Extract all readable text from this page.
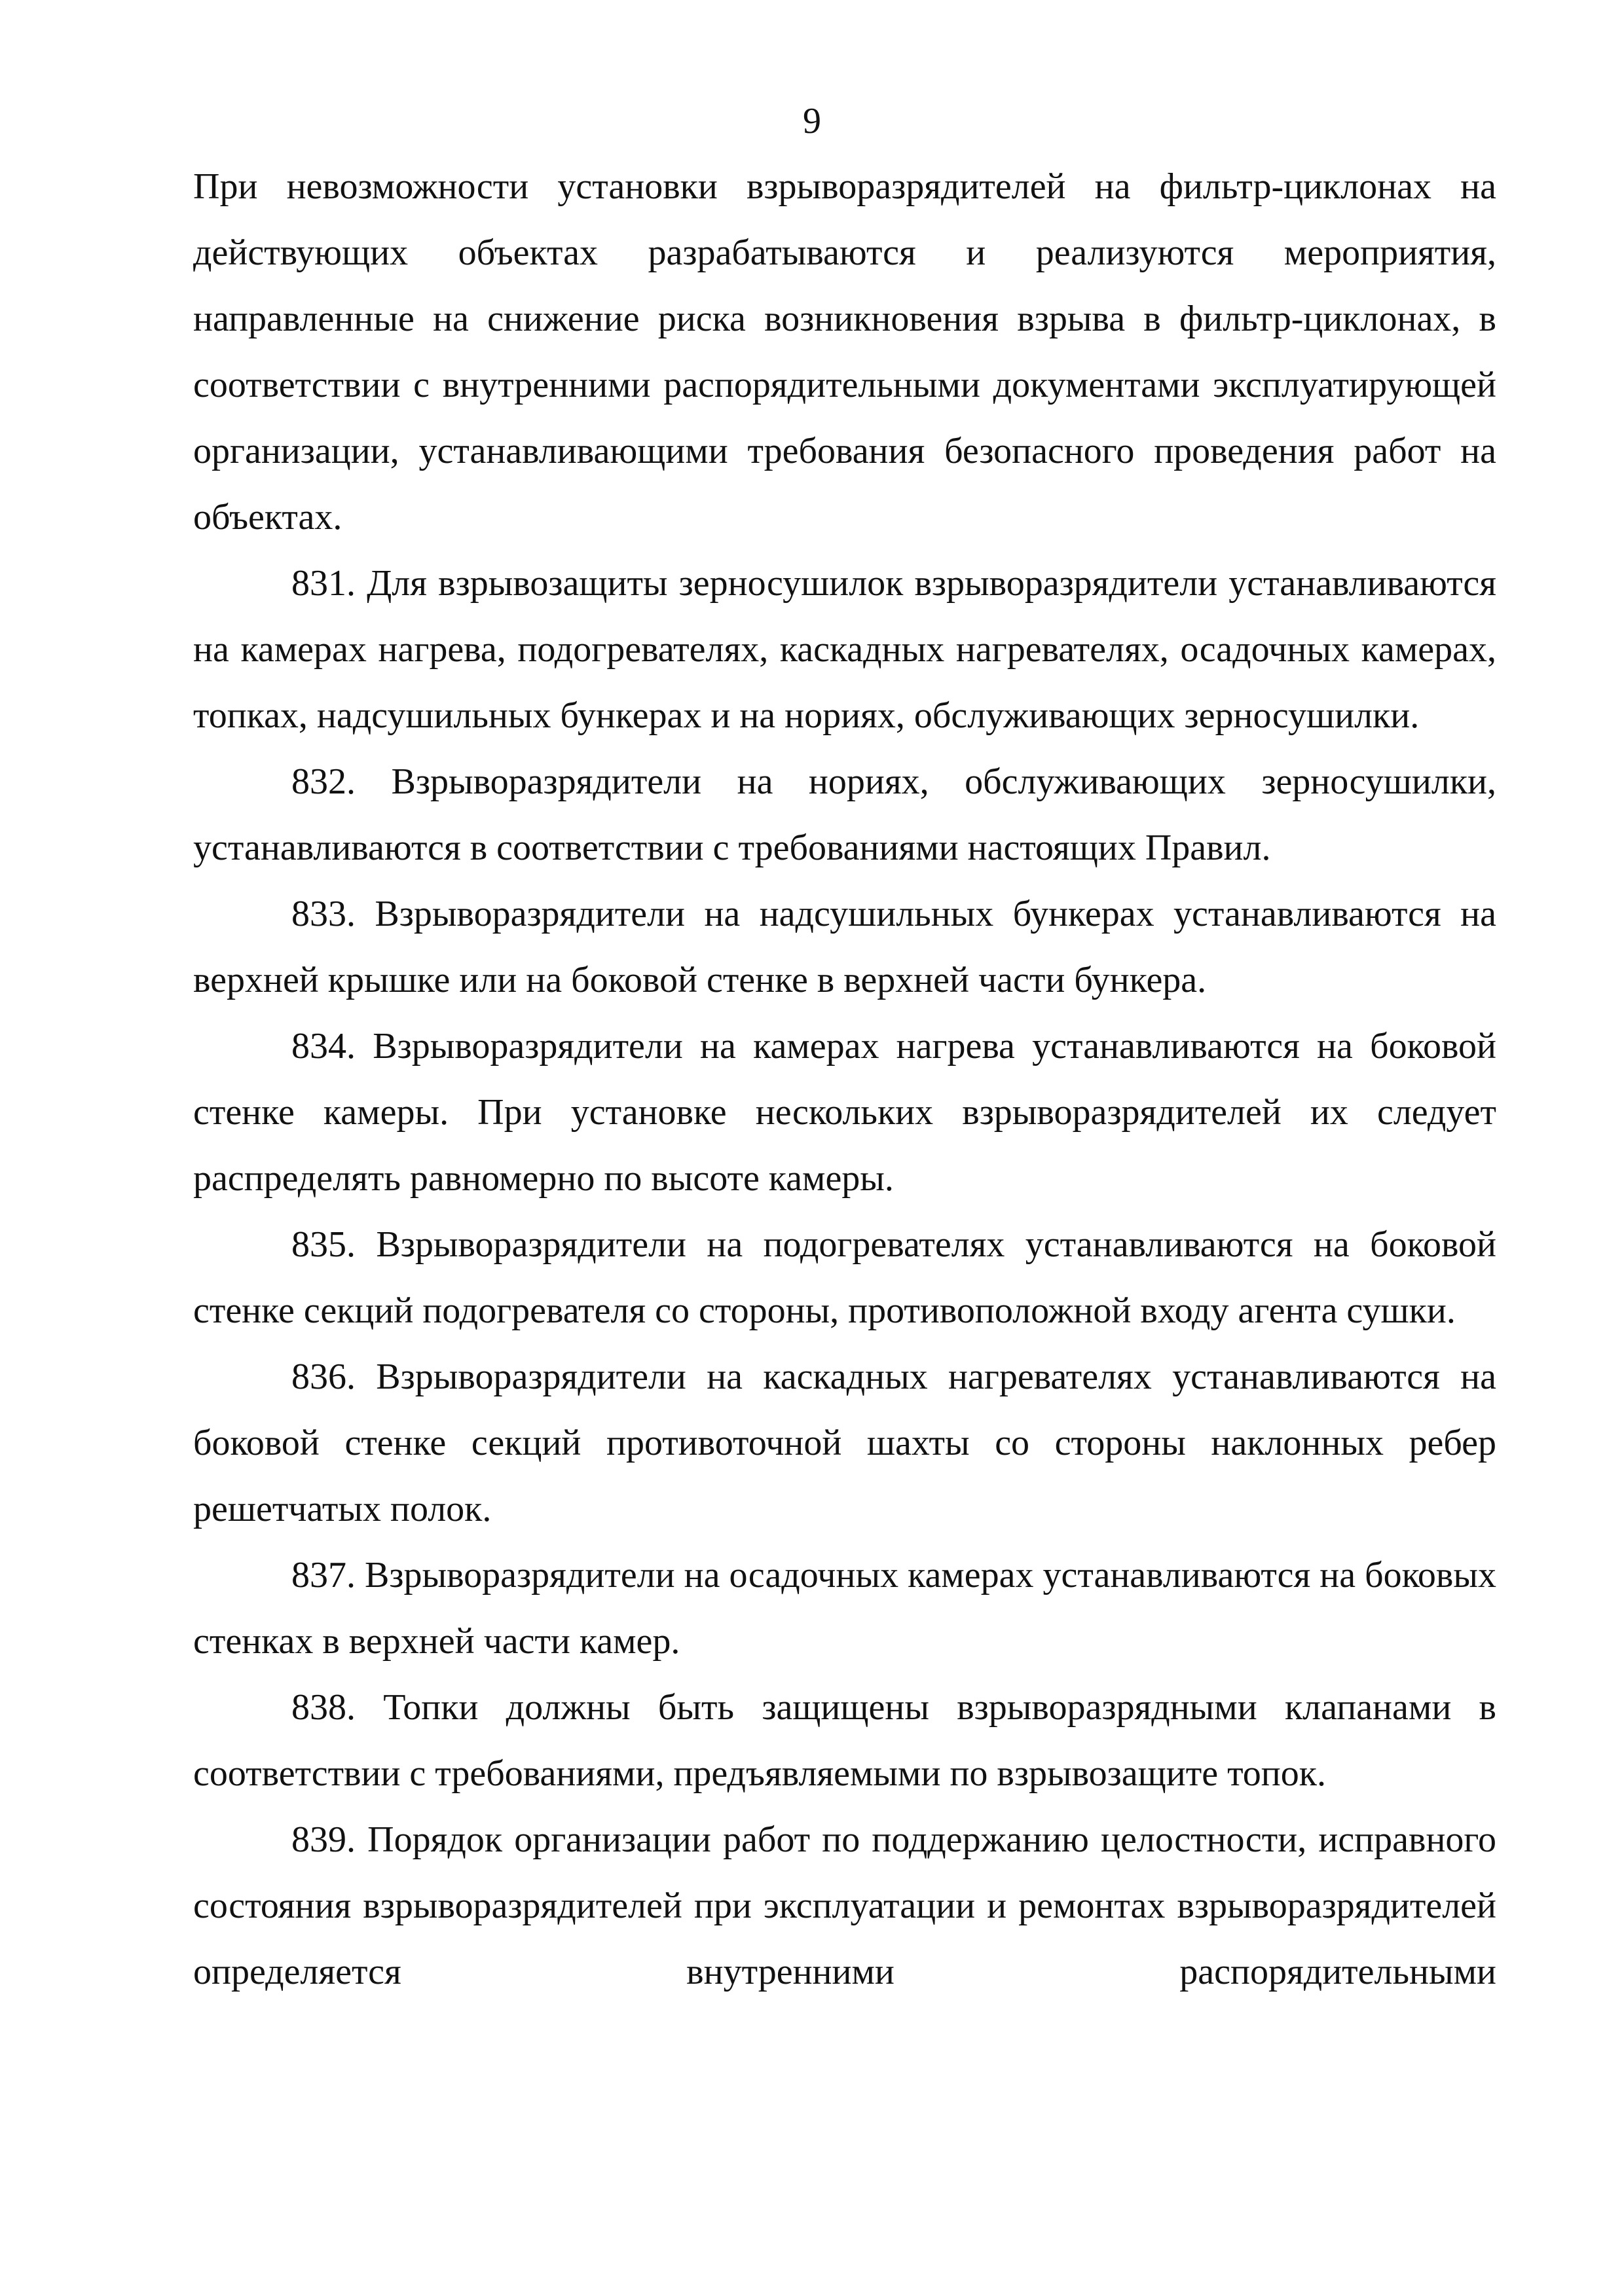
9

При невозможности установки взрыворазрядителей на фильтр-циклонах на действующих объектах разрабатываются и реализуются мероприятия, направленные на снижение риска возникновения взрыва в фильтр-циклонах, в соответствии с внутренними распорядительными документами эксплуатирующей организации, устанавливающими требования безопасного проведения работ на объектах.

831. Для взрывозащиты зерносушилок взрыворазрядители устанавливаются на камерах нагрева, подогревателях, каскадных нагревателях, осадочных камерах, топках, надсушильных бункерах и на нориях, обслуживающих зерносушилки.

832. Взрыворазрядители на нориях, обслуживающих зерносушилки, устанавливаются в соответствии с требованиями настоящих Правил.

833. Взрыворазрядители на надсушильных бункерах устанавливаются на верхней крышке или на боковой стенке в верхней части бункера.

834. Взрыворазрядители на камерах нагрева устанавливаются на боковой стенке камеры. При установке нескольких взрыворазрядителей их следует распределять равномерно по высоте камеры.

835. Взрыворазрядители на подогревателях устанавливаются на боковой стенке секций подогревателя со стороны, противоположной входу агента сушки.

836. Взрыворазрядители на каскадных нагревателях устанавливаются на боковой стенке секций противоточной шахты со стороны наклонных ребер решетчатых полок.

837. Взрыворазрядители на осадочных камерах устанавливаются на боковых стенках в верхней части камер.

838. Топки должны быть защищены взрыворазрядными клапанами в соответствии с требованиями, предъявляемыми по взрывозащите топок.

839. Порядок организации работ по поддержанию целостности, исправного состояния взрыворазрядителей при эксплуатации и ремонтах взрыворазрядителей определяется внутренними распорядительными
